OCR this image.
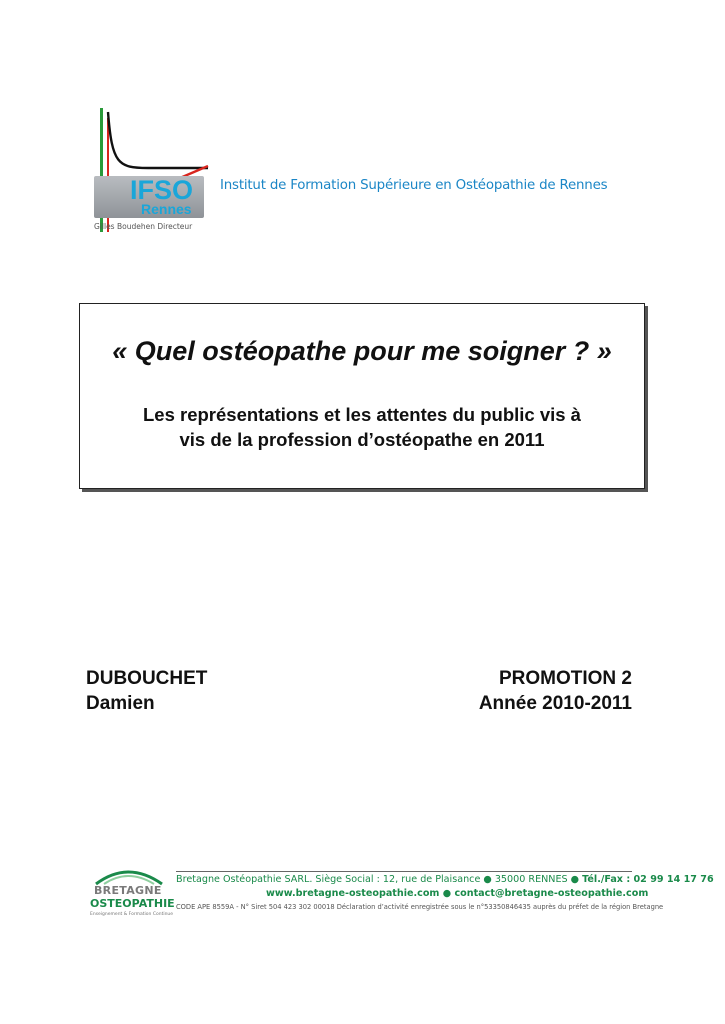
IFSO
Rennes
Gilles Boudehen Directeur
Institut de Formation Supérieure en Ostéopathie de Rennes
« Quel ostéopathe pour me soigner ? »
Les représentations et les attentes du public vis à
vis de la profession d’ostéopathe en 2011
DUBOUCHET
Damien
PROMOTION 2
Année 2010-2011
BRETAGNE
OSTEOPATHIE
Enseignement & Formation Continue
Bretagne Ostéopathie SARL. Siège Social : 12, rue de Plaisance ● 35000 RENNES ● Tél./Fax : 02 99 14 17 76
www.bretagne-osteopathie.com ● contact@bretagne-osteopathie.com
CODE APE 8559A - N° Siret 504 423 302 00018 Déclaration d’activité enregistrée sous le n°53350846435 auprès du préfet de la région Bretagne
